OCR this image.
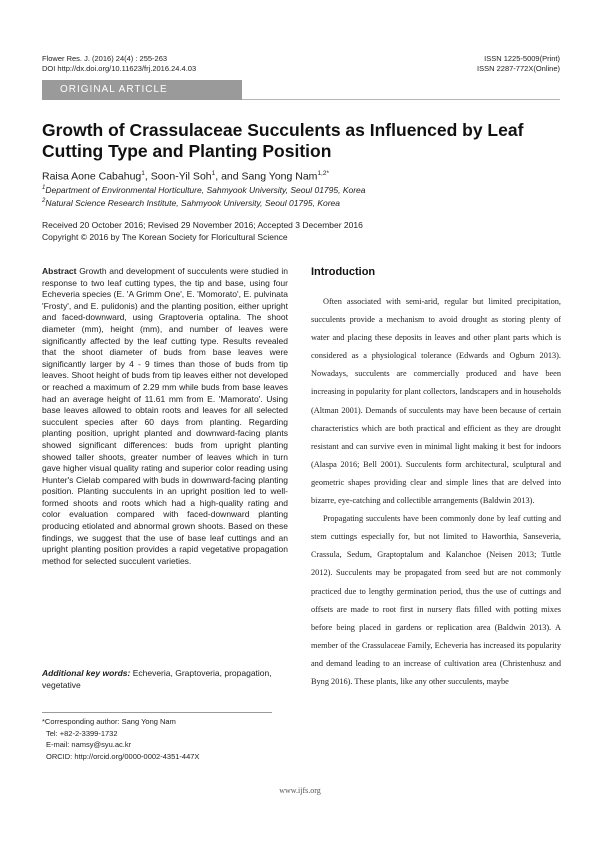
Flower Res. J. (2016) 24(4) : 255-263
DOI http://dx.doi.org/10.11623/frj.2016.24.4.03
ISSN 1225-5009(Print)
ISSN 2287-772X(Online)
ORIGINAL ARTICLE
Growth of Crassulaceae Succulents as Influenced by Leaf Cutting Type and Planting Position
Raisa Aone Cabahug$^1$, Soon-Yil Soh$^1$, and Sang Yong Nam$^{1,2*}$
$^1$Department of Environmental Horticulture, Sahmyook University, Seoul 01795, Korea
$^2$Natural Science Research Institute, Sahmyook University, Seoul 01795, Korea
Received 20 October 2016; Revised 29 November 2016; Accepted 3 December 2016
Copyright © 2016 by The Korean Society for Floricultural Science
Abstract Growth and development of succulents were studied in response to two leaf cutting types, the tip and base, using four Echeveria species (E. 'A Grimm One', E. 'Momorato', E. pulvinata 'Frosty', and E. pulidonis) and the planting position, either upright and faced-downward, using Graptoveria optalina. The shoot diameter (mm), height (mm), and number of leaves were significantly affected by the leaf cutting type. Results revealed that the shoot diameter of buds from base leaves were significantly larger by 4 - 9 times than those of buds from tip leaves. Shoot height of buds from tip leaves either not developed or reached a maximum of 2.29 mm while buds from base leaves had an average height of 11.61 mm from E. 'Mamorato'. Using base leaves allowed to obtain roots and leaves for all selected succulent species after 60 days from planting. Regarding planting position, upright planted and downward-facing plants showed significant differences: buds from upright planting showed taller shoots, greater number of leaves which in turn gave higher visual quality rating and superior color reading using Hunter's Cielab compared with buds in downward-facing planting position. Planting succulents in an upright position led to well-formed shoots and roots which had a high-quality rating and color evaluation compared with faced-downward planting producing etiolated and abnormal grown shoots. Based on these findings, we suggest that the use of base leaf cuttings and an upright planting position provides a rapid vegetative propagation method for selected succulent varieties.
Additional key words: Echeveria, Graptoveria, propagation, vegetative
*Corresponding author: Sang Yong Nam
Tel: +82-2-3399-1732
E-mail: namsy@syu.ac.kr
ORCID: http://orcid.org/0000-0002-4351-447X
Introduction

Often associated with semi-arid, regular but limited precipitation, succulents provide a mechanism to avoid drought as storing plenty of water and placing these deposits in leaves and other plant parts which is considered as a physiological tolerance (Edwards and Ogburn 2013). Nowadays, succulents are commercially produced and have been increasing in popularity for plant collectors, landscapers and in households (Altman 2001). Demands of succulents may have been because of certain characteristics which are both practical and efficient as they are drought resistant and can survive even in minimal light making it best for indoors (Alaspa 2016; Bell 2001). Succulents form architectural, sculptural and geometric shapes providing clear and simple lines that are delved into bizarre, eye-catching and collectible arrangements (Baldwin 2013).

Propagating succulents have been commonly done by leaf cutting and stem cuttings especially for, but not limited to Haworthia, Sanseveria, Crassula, Sedum, Graptoptalum and Kalanchoe (Neisen 2013; Tuttle 2012). Succulents may be propagated from seed but are not commonly practiced due to lengthy germination period, thus the use of cuttings and offsets are made to root first in nursery flats filled with potting mixes before being placed in gardens or replication area (Baldwin 2013). A member of the Crassulaceae Family, Echeveria has increased its popularity and demand leading to an increase of cultivation area (Christenhusz and Byng 2016). These plants, like any other succulents, maybe

www.ijfs.org
